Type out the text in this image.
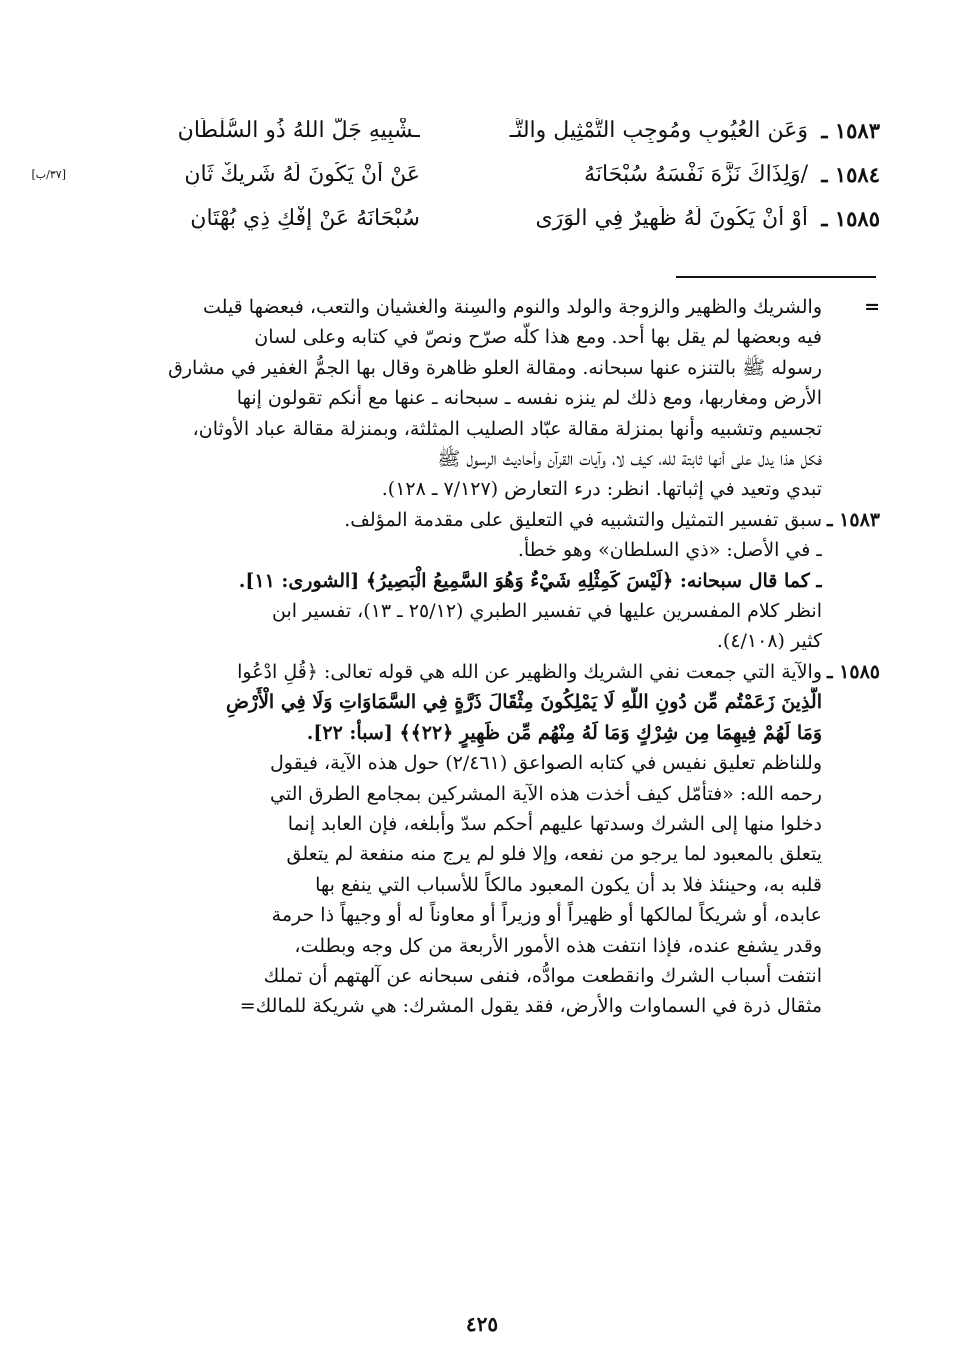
١٥٨٣ ـ
وَعَنِ العُيُوبِ ومُوجِبِ التَّمْثِيلِ والتَّـ
ـشْبِيهِ جَلَّ اللهُ ذُو السُّلْطَانِ
١٥٨٤ ـ
/وَلِذَاكَ نَزَّهَ نَفْسَهُ سُبْحَانَهُ
عَنْ أَنْ يَكُونَ لَهُ شَرِيكٌ ثَانِ
[٣٧/ب]
١٥٨٥ ـ
أَوْ أَنْ يَكُونَ لَهُ ظَهِيرٌ فِي الوَرَى
سُبْحَانَهُ عَنْ إِفْكِ ذِي بُهْتَانِ
=
والشريك والظهير والزوجة والولد والنوم والسِنة والغشيان والتعب، فبعضها قيلت
فيه وبعضها لم يقل بها أحد. ومع هذا كلّه صرّح ونصّ في كتابه وعلى لسان
رسوله ﷺ بالتنزه عنها سبحانه. ومقالة العلو ظاهرة وقال بها الجمُّ الغفير في مشارق
الأرض ومغاربها، ومع ذلك لم ينزه نفسه ـ سبحانه ـ عنها مع أنكم تقولون إنها
تجسيم وتشبيه وأنها بمنزلة مقالة عبّاد الصليب المثلثة، وبمنزلة مقالة عباد الأوثان،
فكل هذا يدل على أنها ثابتة لله، كيف لا، وآيات القرآن وأحاديث الرسول ﷺ
تبدي وتعيد في إثباتها. انظر: درء التعارض (٧/١٢٧ ـ ١٢٨).
١٥٨٣ ـ
سبق تفسير التمثيل والتشبيه في التعليق على مقدمة المؤلف.
ـ في الأصل: «ذي السلطان» وهو خطأ.
ـ كما قال سبحانه: ﴿لَيْسَ كَمِثْلِهِ شَيْءٌ وَهُوَ السَّمِيعُ الْبَصِيرُ﴾ [الشورى: ١١].
انظر كلام المفسرين عليها في تفسير الطبري (٢٥/١٢ ـ ١٣)، تفسير ابن
كثير (٤/١٠٨).
١٥٨٥ ـ
والآية التي جمعت نفي الشريك والظهير عن الله هي قوله تعالى: ﴿قُلِ ادْعُوا
الَّذِينَ زَعَمْتُم مِّن دُونِ اللَّهِ لَا يَمْلِكُونَ مِثْقَالَ ذَرَّةٍ فِي السَّمَاوَاتِ وَلَا فِي الْأَرْضِ
وَمَا لَهُمْ فِيهِمَا مِن شِرْكٍ وَمَا لَهُ مِنْهُم مِّن ظَهِيرٍ ﴿٢٢﴾﴾ [سبأ: ٢٢].
وللناظم تعليق نفيس في كتابه الصواعق (٢/٤٦١) حول هذه الآية، فيقول
رحمه الله: «فتأمّل كيف أخذت هذه الآية المشركين بمجامع الطرق التي
دخلوا منها إلى الشرك وسدتها عليهم أحكم سدّ وأبلغه، فإن العابد إنما
يتعلق بالمعبود لما يرجو من نفعه، وإلا فلو لم يرج منه منفعة لم يتعلق
قلبه به، وحينئذ فلا بد أن يكون المعبود مالكاً للأسباب التي ينفع بها
عابده، أو شريكاً لمالكها أو ظهيراً أو وزيراً أو معاوناً له أو وجيهاً ذا حرمة
وقدر يشفع عنده، فإذا انتفت هذه الأمور الأربعة من كل وجه وبطلت،
انتفت أسباب الشرك وانقطعت موادُّه، فنفى سبحانه عن آلهتهم أن تملك
مثقال ذرة في السماوات والأرض، فقد يقول المشرك: هي شريكة للمالك=
٤٢٥
